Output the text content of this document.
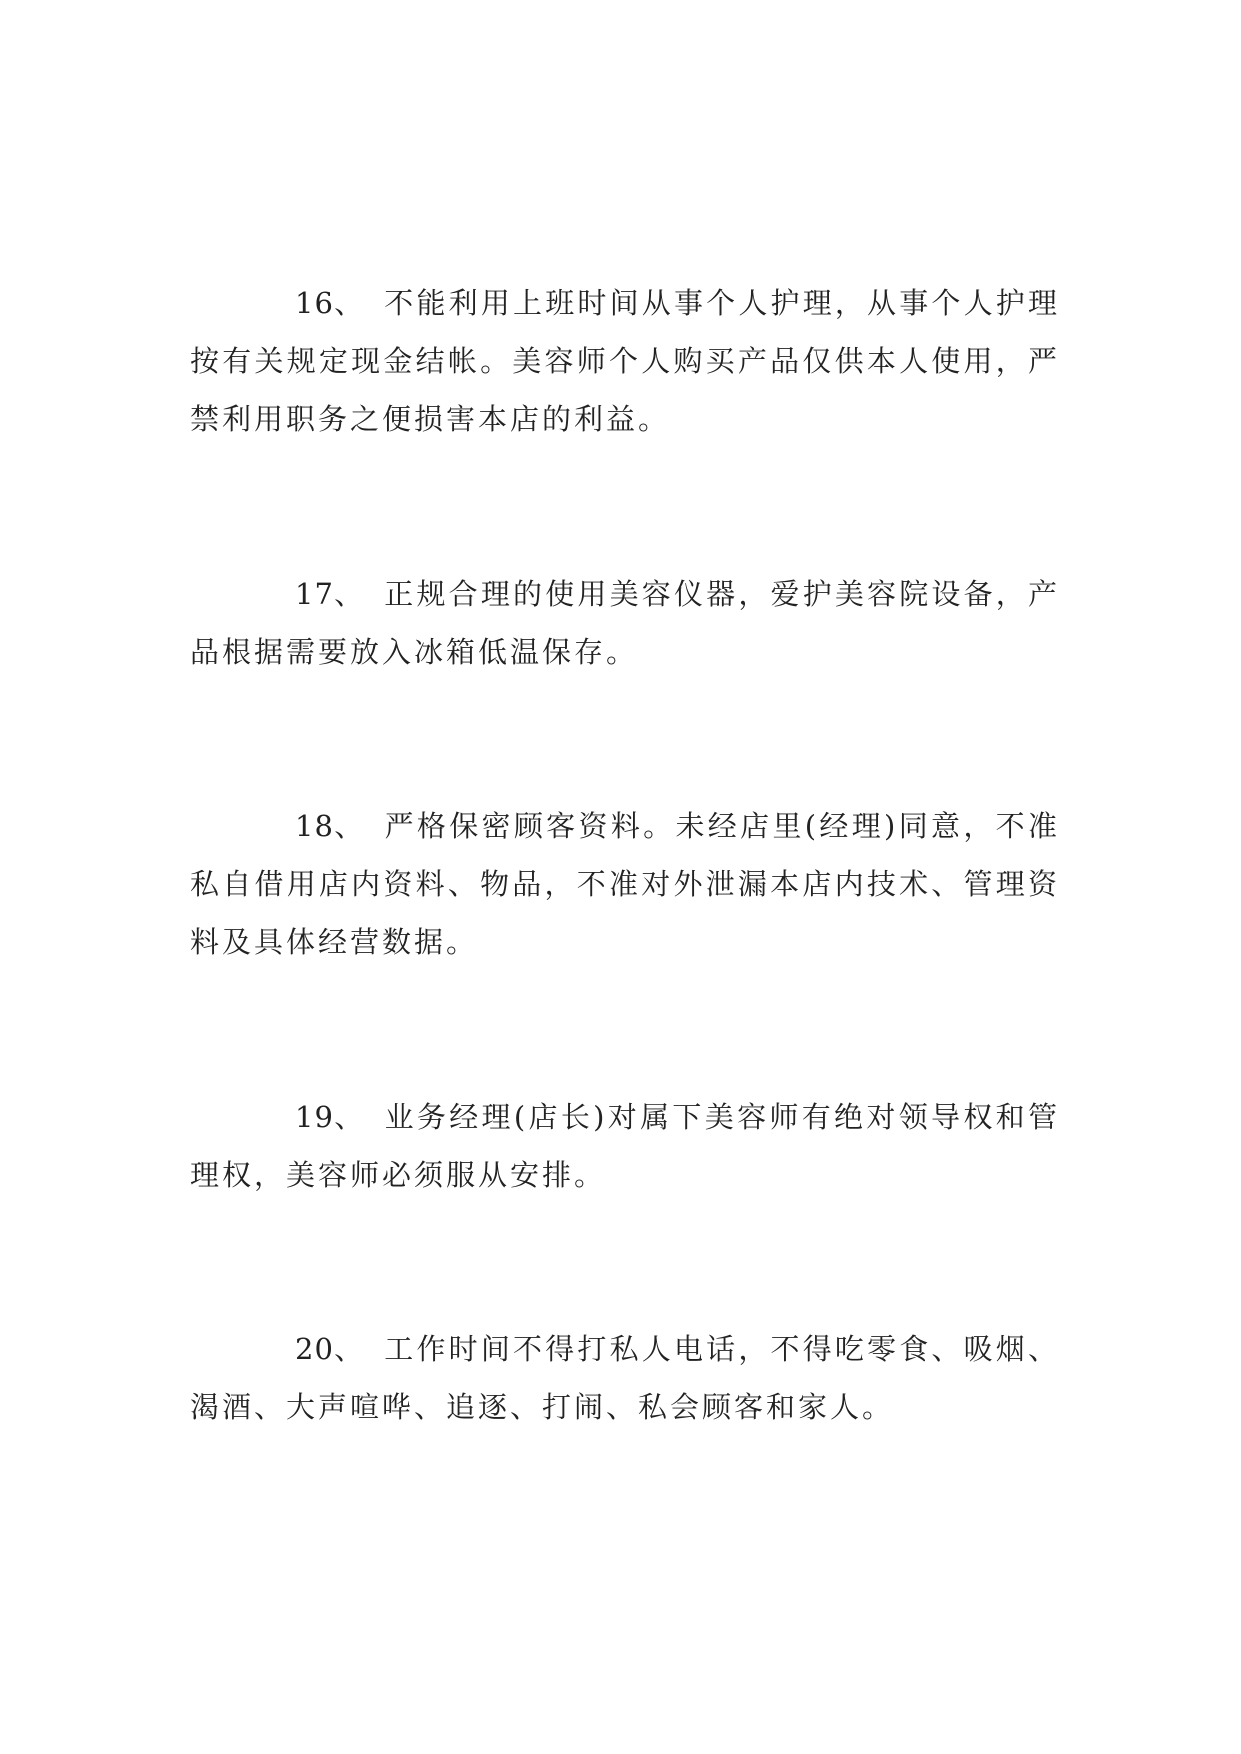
16、 不能利用上班时间从事个人护理，从事个人护理按有关规定现金结帐。美容师个人购买产品仅供本人使用，严禁利用职务之便损害本店的利益。

17、 正规合理的使用美容仪器，爱护美容院设备，产品根据需要放入冰箱低温保存。

18、 严格保密顾客资料。未经店里(经理)同意，不准私自借用店内资料、物品，不准对外泄漏本店内技术、管理资料及具体经营数据。

19、 业务经理(店长)对属下美容师有绝对领导权和管理权，美容师必须服从安排。

20、 工作时间不得打私人电话，不得吃零食、吸烟、渴酒、大声喧哗、追逐、打闹、私会顾客和家人。
